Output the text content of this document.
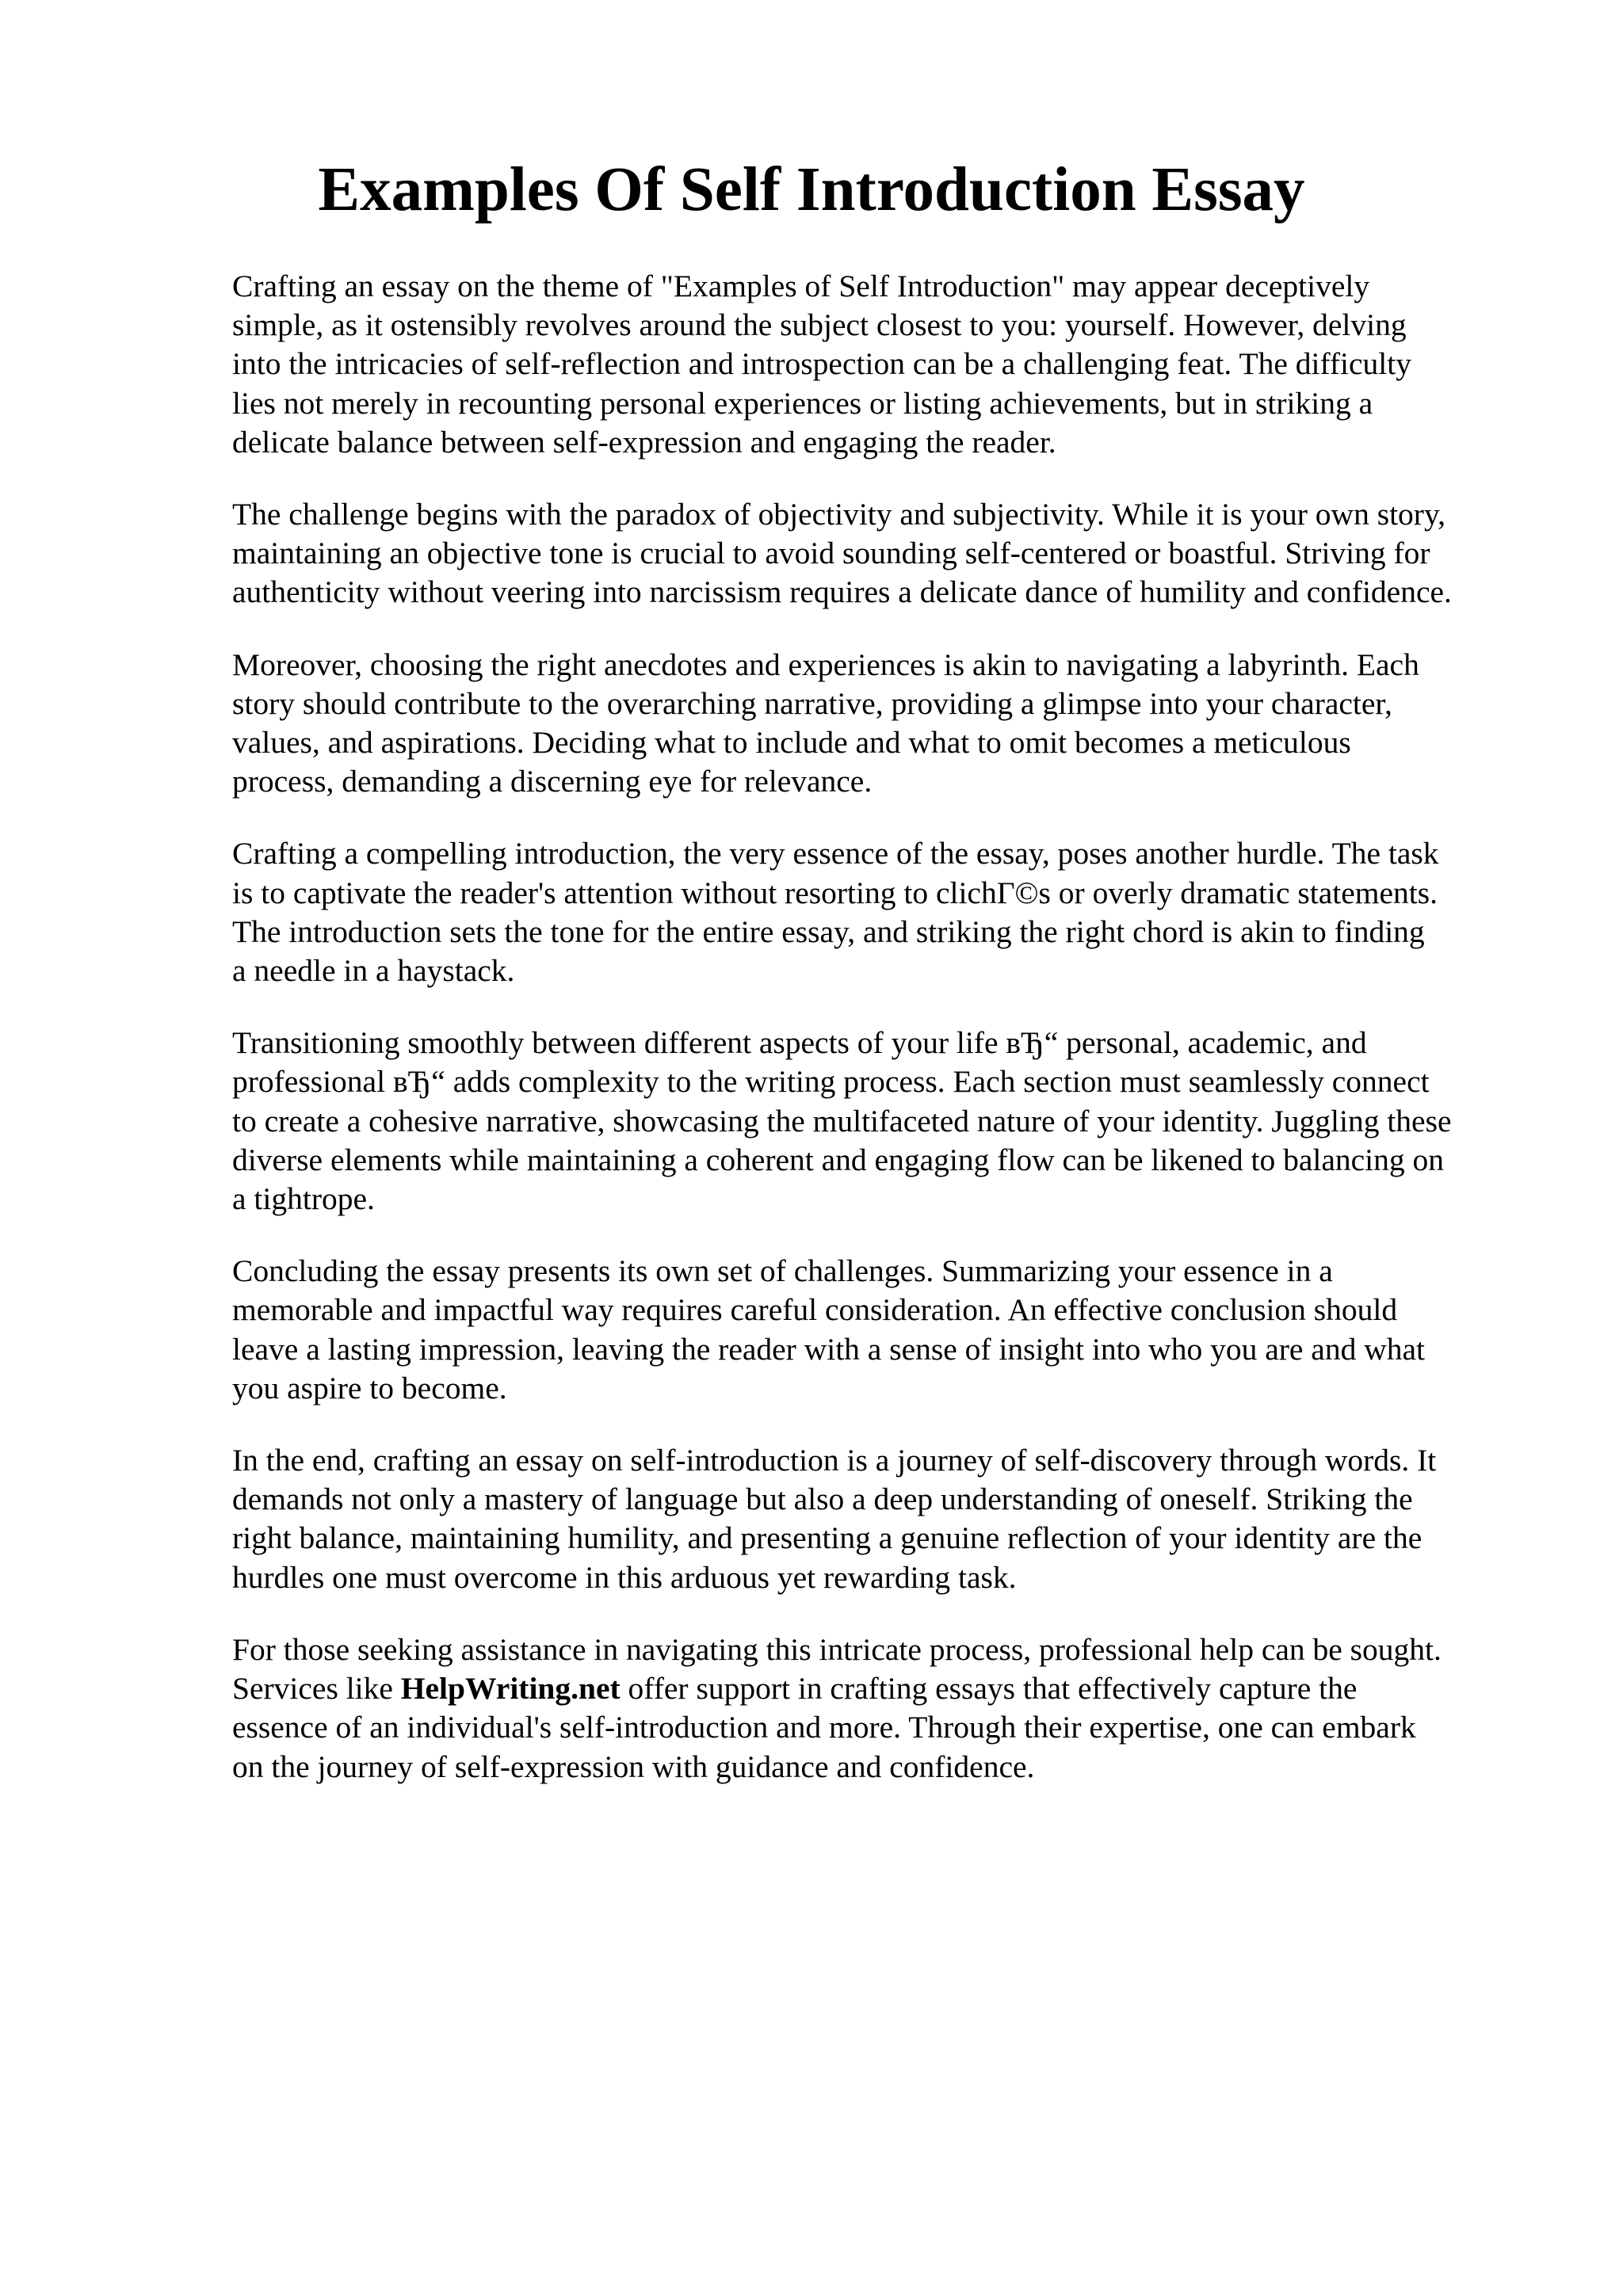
Examples Of Self Introduction Essay

Crafting an essay on the theme of "Examples of Self Introduction" may appear deceptively
simple, as it ostensibly revolves around the subject closest to you: yourself. However, delving
into the intricacies of self-reflection and introspection can be a challenging feat. The difficulty
lies not merely in recounting personal experiences or listing achievements, but in striking a
delicate balance between self-expression and engaging the reader.

The challenge begins with the paradox of objectivity and subjectivity. While it is your own story,
maintaining an objective tone is crucial to avoid sounding self-centered or boastful. Striving for
authenticity without veering into narcissism requires a delicate dance of humility and confidence.

Moreover, choosing the right anecdotes and experiences is akin to navigating a labyrinth. Each
story should contribute to the overarching narrative, providing a glimpse into your character,
values, and aspirations. Deciding what to include and what to omit becomes a meticulous
process, demanding a discerning eye for relevance.

Crafting a compelling introduction, the very essence of the essay, poses another hurdle. The task
is to captivate the reader's attention without resorting to clichГ©s or overly dramatic statements.
The introduction sets the tone for the entire essay, and striking the right chord is akin to finding
a needle in a haystack.

Transitioning smoothly between different aspects of your life вЂ“ personal, academic, and
professional вЂ“ adds complexity to the writing process. Each section must seamlessly connect
to create a cohesive narrative, showcasing the multifaceted nature of your identity. Juggling these
diverse elements while maintaining a coherent and engaging flow can be likened to balancing on
a tightrope.

Concluding the essay presents its own set of challenges. Summarizing your essence in a
memorable and impactful way requires careful consideration. An effective conclusion should
leave a lasting impression, leaving the reader with a sense of insight into who you are and what
you aspire to become.

In the end, crafting an essay on self-introduction is a journey of self-discovery through words. It
demands not only a mastery of language but also a deep understanding of oneself. Striking the
right balance, maintaining humility, and presenting a genuine reflection of your identity are the
hurdles one must overcome in this arduous yet rewarding task.

For those seeking assistance in navigating this intricate process, professional help can be sought.
Services like HelpWriting.net offer support in crafting essays that effectively capture the
essence of an individual's self-introduction and more. Through their expertise, one can embark
on the journey of self-expression with guidance and confidence.
